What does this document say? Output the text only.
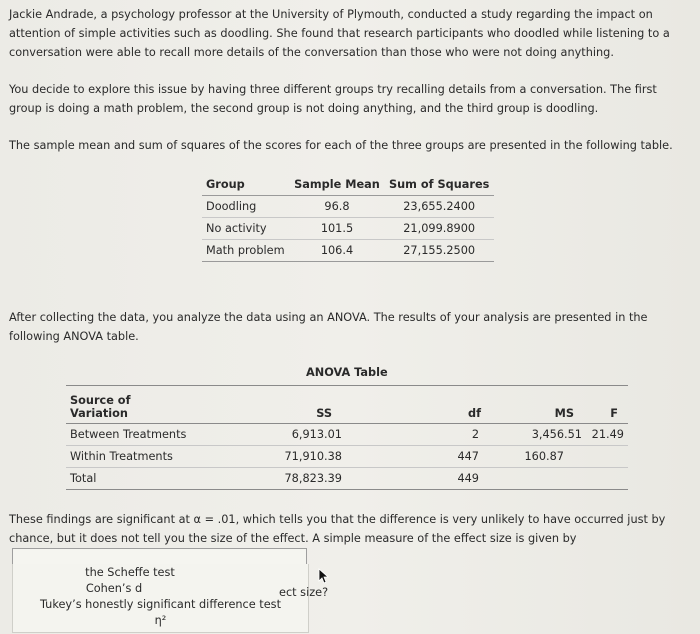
Jackie Andrade, a psychology professor at the University of Plymouth, conducted a study regarding the impact on attention of simple activities such as doodling. She found that research participants who doodled while listening to a conversation were able to recall more details of the conversation than those who were not doing anything.
You decide to explore this issue by having three different groups try recalling details from a conversation. The first group is doing a math problem, the second group is not doing anything, and the third group is doodling.
The sample mean and sum of squares of the scores for each of the three groups are presented in the following table.
Group	Sample Mean	Sum of Squares
Doodling	96.8	23,655.2400
No activity	101.5	21,099.8900
Math problem	106.4	27,155.2500
After collecting the data, you analyze the data using an ANOVA. The results of your analysis are presented in the following ANOVA table.
ANOVA Table
Source of
Variation	SS	df	MS	F
Between Treatments	6,913.01	2	3,456.51	21.49
Within Treatments	71,910.38	447	160.87	
Total	78,823.39	449		
These findings are significant at α = .01, which tells you that the difference is very unlikely to have occurred just by chance, but it does not tell you the size of the effect. A simple measure of the effect size is given by
the Scheffe test
Cohen’s d
Tukey’s honestly significant difference test
η²
ect size?
